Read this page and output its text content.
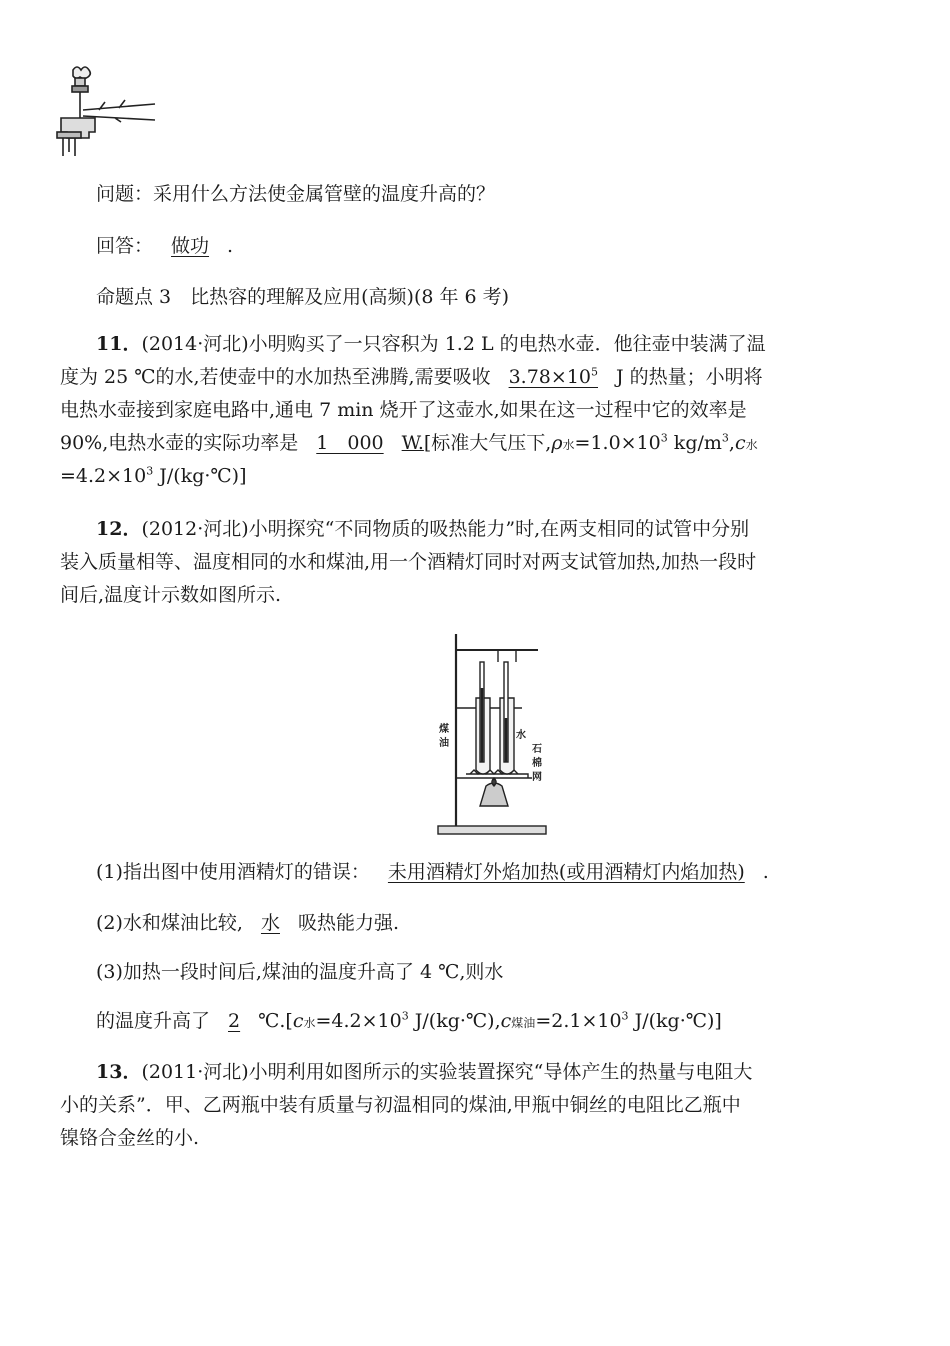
问题：采用什么方法使金属管壁的温度升高的？
回答： 做功 .
命题点 3　比热容的理解及应用(高频)(8 年 6 考)
11．(2014·河北)小明购买了一只容积为 1.2 L 的电热水壶．他往壶中装满了温
度为 25 ℃的水,若使壶中的水加热至沸腾,需要吸收 $3.78\times 10^5$ J 的热量；小明将
电热水壶接到家庭电路中,通电 7 min 烧开了这壶水,如果在这一过程中它的效率是
90%,电热水壶的实际功率是 1　000 W.[标准大气压下,ρ水$=1.0\times 10^3$ $kg/m^3,c$水
$=4.2\times 10^3$ J/(kg·℃)]
12．(2012·河北)小明探究“不同物质的吸热能力”时,在两支相同的试管中分别
装入质量相等、温度相同的水和煤油,用一个酒精灯同时对两支试管加热,加热一段时
间后,温度计示数如图所示.
煤
油
水
石
棉
网
(1)指出图中使用酒精灯的错误： 未用酒精灯外焰加热(或用酒精灯内焰加热) .
(2)水和煤油比较, 水 吸热能力强.
(3)加热一段时间后,煤油的温度升高了 4 ℃,则水
的温度升高了 2 ℃.[c水$=4.2\times 10^3$ J/(kg·℃),c煤油$=2.1\times 10^3$ J/(kg·℃)]
13．(2011·河北)小明利用如图所示的实验装置探究“导体产生的热量与电阻大
小的关系”．甲、乙两瓶中装有质量与初温相同的煤油,甲瓶中铜丝的电阻比乙瓶中
镍铬合金丝的小.
